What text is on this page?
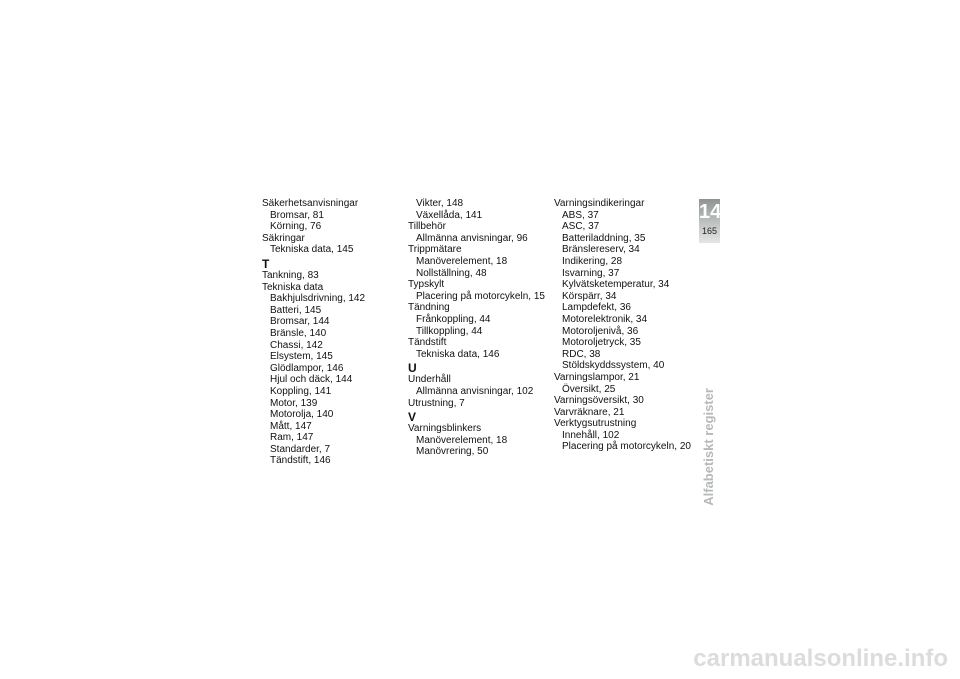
Säkerhetsanvisningar
Bromsar, 81
Körning, 76
Säkringar
Tekniska data, 145
T
Tankning, 83
Tekniska data
Bakhjulsdrivning, 142
Batteri, 145
Bromsar, 144
Bränsle, 140
Chassi, 142
Elsystem, 145
Glödlampor, 146
Hjul och däck, 144
Koppling, 141
Motor, 139
Motorolja, 140
Mått, 147
Ram, 147
Standarder, 7
Tändstift, 146
Vikter, 148
Växellåda, 141
Tillbehör
Allmänna anvisningar, 96
Trippmätare
Manöverelement, 18
Nollställning, 48
Typskylt
Placering på motorcykeln, 15
Tändning
Frånkoppling, 44
Tillkoppling, 44
Tändstift
Tekniska data, 146
U
Underhåll
Allmänna anvisningar, 102
Utrustning, 7
V
Varningsblinkers
Manöverelement, 18
Manövrering, 50
Varningsindikeringar
ABS, 37
ASC, 37
Batteriladdning, 35
Bränslereserv, 34
Indikering, 28
Isvarning, 37
Kylvätsketemperatur, 34
Körspärr, 34
Lampdefekt, 36
Motorelektronik, 34
Motoroljenivå, 36
Motoroljetryck, 35
RDC, 38
Stöldskyddssystem, 40
Varningslampor, 21
Översikt, 25
Varningsöversikt, 30
Varvräknare, 21
Verktygsutrustning
Innehåll, 102
Placering på motorcykeln, 20
14
165
Alfabetiskt register
carmanualsonline.info
